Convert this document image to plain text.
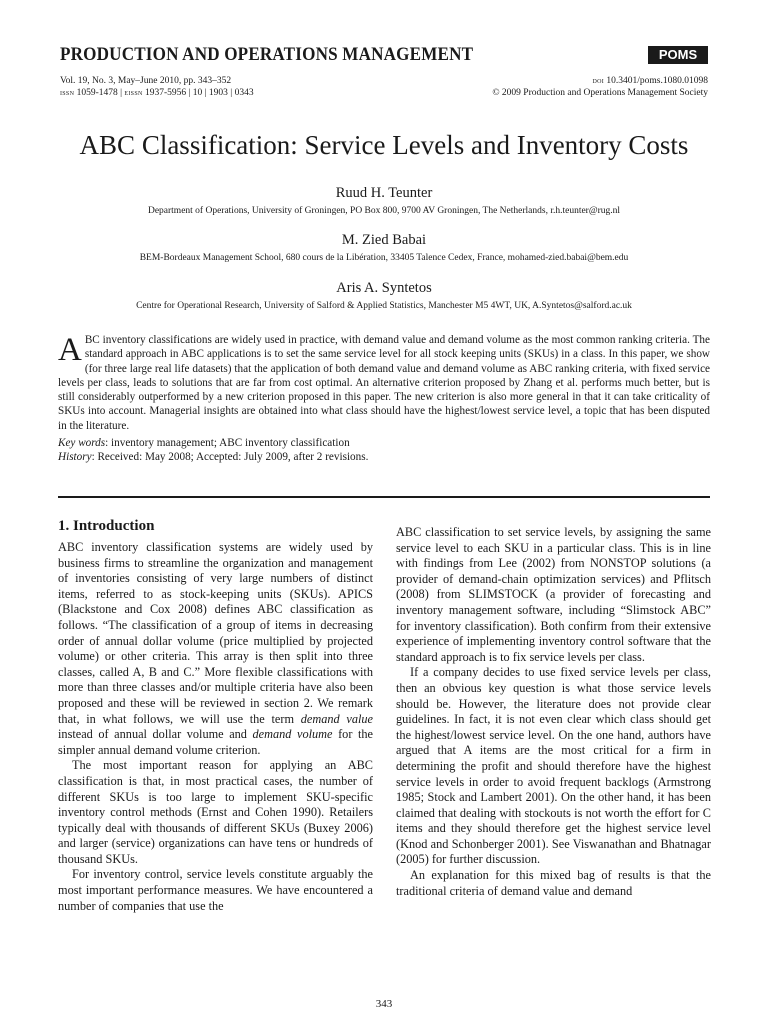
PRODUCTION AND OPERATIONS MANAGEMENT	POMS
Vol. 19, No. 3, May–June 2010, pp. 343–352
issn 1059-1478 | eissn 1937-5956 | 10 | 1903 | 0343
doi 10.3401/poms.1080.01098
© 2009 Production and Operations Management Society
ABC Classification: Service Levels and Inventory Costs
Ruud H. Teunter
Department of Operations, University of Groningen, PO Box 800, 9700 AV Groningen, The Netherlands, r.h.teunter@rug.nl
M. Zied Babai
BEM-Bordeaux Management School, 680 cours de la Libération, 33405 Talence Cedex, France, mohamed-zied.babai@bem.edu
Aris A. Syntetos
Centre for Operational Research, University of Salford & Applied Statistics, Manchester M5 4WT, UK, A.Syntetos@salford.ac.uk
A BC inventory classifications are widely used in practice, with demand value and demand volume as the most common ranking criteria. The standard approach in ABC applications is to set the same service level for all stock keeping units (SKUs) in a class. In this paper, we show (for three large real life datasets) that the application of both demand value and demand volume as ABC ranking criteria, with fixed service levels per class, leads to solutions that are far from cost optimal. An alternative criterion proposed by Zhang et al. performs much better, but is still considerably outperformed by a new criterion proposed in this paper. The new criterion is also more general in that it can take criticality of SKUs into account. Managerial insights are obtained into what class should have the highest/lowest service level, a topic that has been disputed in the literature.
Key words: inventory management; ABC inventory classification
History: Received: May 2008; Accepted: July 2009, after 2 revisions.
1. Introduction

ABC inventory classification systems are widely used by business firms to streamline the organization and management of inventories consisting of very large numbers of distinct items, referred to as stock-keeping units (SKUs). APICS (Blackstone and Cox 2008) defines ABC classification as follows. “The classification of a group of items in decreasing order of annual dollar volume (price multiplied by projected volume) or other criteria. This array is then split into three classes, called A, B and C.” More flexible classifications with more than three classes and/or multiple criteria have also been proposed and these will be reviewed in section 2. We remark that, in what follows, we will use the term demand value instead of annual dollar volume and demand volume for the simpler annual demand volume criterion.

The most important reason for applying an ABC classification is that, in most practical cases, the number of different SKUs is too large to implement SKU-specific inventory control methods (Ernst and Cohen 1990). Retailers typically deal with thousands of different SKUs (Buxey 2006) and larger (service) organizations can have tens or hundreds of thousand SKUs.

For inventory control, service levels constitute arguably the most important performance measures. We have encountered a number of companies that use the

ABC classification to set service levels, by assigning the same service level to each SKU in a particular class. This is in line with findings from Lee (2002) from NONSTOP solutions (a provider of demand-chain optimization services) and Pflitsch (2008) from SLIMSTOCK (a provider of forecasting and inventory management software, including “Slimstock ABC” for inventory classification). Both confirm from their extensive experience of implementing inventory control software that the standard approach is to fix service levels per class.

If a company decides to use fixed service levels per class, then an obvious key question is what those service levels should be. However, the literature does not provide clear guidelines. In fact, it is not even clear which class should get the highest/lowest service level. On the one hand, authors have argued that A items are the most critical for a firm in determining the profit and should therefore have the highest service levels in order to avoid frequent backlogs (Armstrong 1985; Stock and Lambert 2001). On the other hand, it has been claimed that dealing with stockouts is not worth the effort for C items and they should therefore get the highest service level (Knod and Schonberger 2001). See Viswanathan and Bhatnagar (2005) for further discussion.

An explanation for this mixed bag of results is that the traditional criteria of demand value and demand

343
